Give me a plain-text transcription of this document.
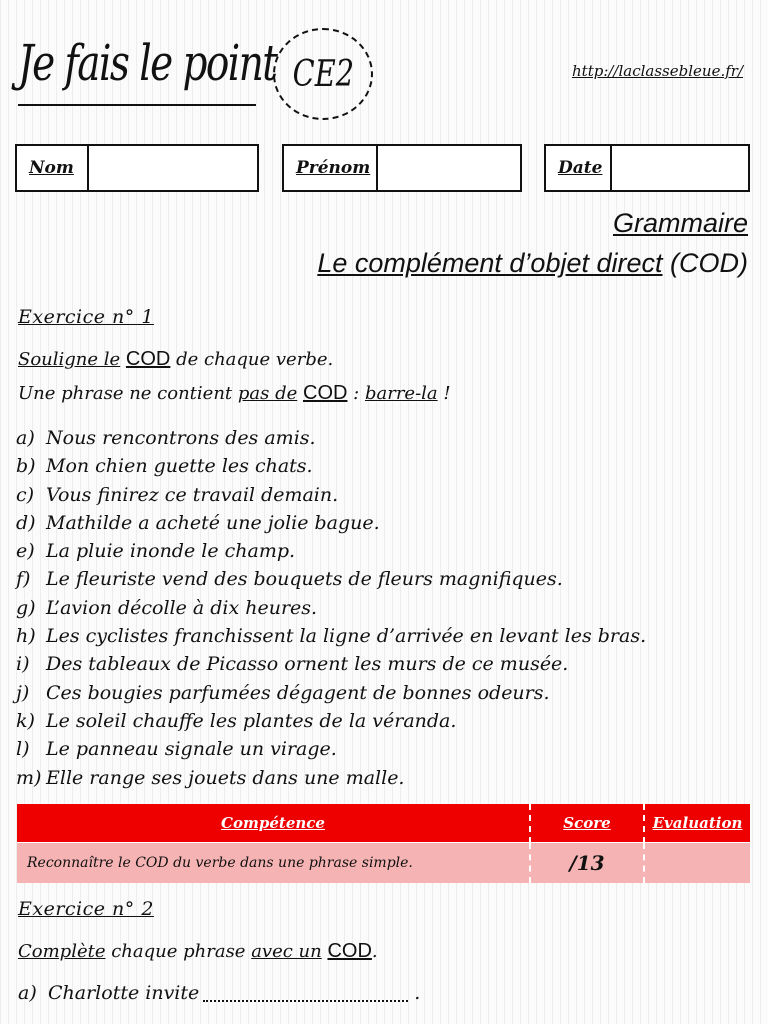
Je fais le point CE2	http://laclassebleue.fr/
Nom	Prénom	Date
Grammaire
Le complément d’objet direct (COD)
Exercice n° 1
Souligne le COD de chaque verbe.
Une phrase ne contient pas de COD : barre-la !
a) Nous rencontrons des amis.
b) Mon chien guette les chats.
c) Vous finirez ce travail demain.
d) Mathilde a acheté une jolie bague.
e) La pluie inonde le champ.
f) Le fleuriste vend des bouquets de fleurs magnifiques.
g) L’avion décolle à dix heures.
h) Les cyclistes franchissent la ligne d’arrivée en levant les bras.
i) Des tableaux de Picasso ornent les murs de ce musée.
j) Ces bougies parfumées dégagent de bonnes odeurs.
k) Le soleil chauffe les plantes de la véranda.
l) Le panneau signale un virage.
m) Elle range ses jouets dans une malle.
Compétence	Score	Evaluation
Reconnaître le COD du verbe dans une phrase simple.	/13	
Exercice n° 2
Complète chaque phrase avec un COD.
a) Charlotte invite	.
